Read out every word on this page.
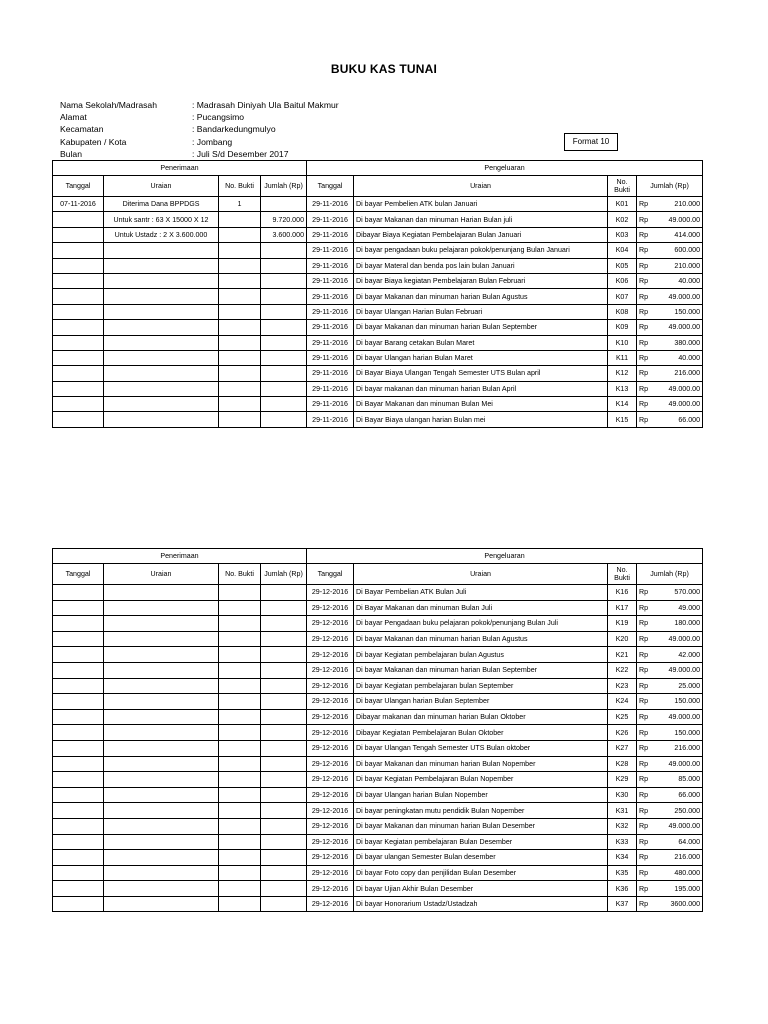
BUKU KAS TUNAI
Nama Sekolah/Madrasah	: Madrasah Diniyah Ula Baitul Makmur
Alamat	: Pucangsimo
Kecamatan	: Bandarkedungmulyo
Kabupaten / Kota	: Jombang
Bulan	: Juli S/d Desember 2017
Format 10
Penerimaan				Pengeluaran			
Tanggal	Uraian	No. Bukti	Jumlah (Rp)	Tanggal	Uraian	No. Bukti	Jumlah (Rp)
07-11-2016	Diterima Dana BPPDGS	1		29-11-2016	Di bayar Pembelien ATK bulan Januari	K01	Rp 210.000

	Untuk santr : 63 X 15000 X 12		9.720.000	29-11-2016	Di bayar Makanan dan minuman Harian Bulan juli	K02	Rp 49.000.00

	Untuk Ustadz : 2 X 3.600.000		3.600.000	29-11-2016	Dibayar Biaya Kegiatan Pembelajaran Bulan Januari	K03	Rp 414.000

				29-11-2016	Di bayar pengadaan buku pelajaran pokok/penunjang Bulan Januari	K04	Rp 600.000

				29-11-2016	Di bayar Materal dan benda pos lain bulan Januari	K05	Rp 210.000

				29-11-2016	Di bayar Biaya kegiatan Pembelajaran Bulan Februari	K06	Rp 40.000

				29-11-2016	Di bayar Makanan dan minuman harian Bulan Agustus	K07	Rp 49.000.00

				29-11-2016	Di bayar Ulangan Harian Bulan Februari	K08	Rp 150.000

				29-11-2016	Di bayar Makanan dan minuman harian Bulan September	K09	Rp 49.000.00

				29-11-2016	Di bayar Barang cetakan Bulan Maret	K10	Rp 380.000

				29-11-2016	Di bayar Ulangan harian Bulan Maret	K11	Rp 40.000

				29-11-2016	Di Bayar Biaya Ulangan Tengah Semester UTS Bulan april	K12	Rp 216.000

				29-11-2016	Di bayar makanan dan minuman harian Bulan April	K13	Rp 49.000.00

				29-11-2016	Di Bayar Makanan dan minuman Bulan Mei	K14	Rp 49.000.00

				29-11-2016	Di Bayar Biaya ulangan harian Bulan mei	K15	Rp 66.000
Penerimaan				Pengeluaran			
Tanggal	Uraian	No. Bukti	Jumlah (Rp)	Tanggal	Uraian	No. Bukti	Jumlah (Rp)
				29-12-2016	Di Bayar Pembelian ATK Bulan Juli	K16	Rp 570.000

				29-12-2016	Di Bayar Makanan dan minuman Bulan Juli	K17	Rp 49.000

				29-12-2016	Di bayar Pengadaan buku pelajaran pokok/penunjang Bulan Juli	K19	Rp 180.000

				29-12-2016	Di bayar Makanan dan minuman harian Bulan Agustus	K20	Rp 49.000.00

				29-12-2016	Di bayar Kegiatan pembelajaran bulan Agustus	K21	Rp 42.000

				29-12-2016	Di bayar Makanan dan minuman harian Bulan September	K22	Rp 49.000.00

				29-12-2016	Di bayar Kegiatan pembelajaran bulan September	K23	Rp 25.000

				29-12-2016	Di bayar Ulangan harian Bulan September	K24	Rp 150.000

				29-12-2016	Dibayar makanan dan minuman harian Bulan Oktober	K25	Rp 49.000.00

				29-12-2016	Dibayar Kegiatan Pembelajaran Bulan Oktober	K26	Rp 150.000

				29-12-2016	Di bayar Ulangan Tengah Semester UTS Bulan oktober	K27	Rp 216.000

				29-12-2016	Di bayar Makanan dan minuman harian Bulan Nopember	K28	Rp 49.000.00

				29-12-2016	Di bayar Kegiatan Pembelajaran Bulan Nopember	K29	Rp 85.000

				29-12-2016	Di bayar Ulangan harian Bulan Nopember	K30	Rp 66.000

				29-12-2016	Di bayar peningkatan mutu pendidik Bulan Nopember	K31	Rp 250.000

				29-12-2016	Di bayar Makanan dan minuman harian Bulan Desember	K32	Rp 49.000.00

				29-12-2016	Di bayar Kegiatan pembelajaran Bulan Desember	K33	Rp 64.000

				29-12-2016	Di bayar ulangan Semester Bulan desember	K34	Rp 216.000

				29-12-2016	Di bayar Foto copy dan penjilidan Bulan Desember	K35	Rp 480.000

				29-12-2016	Di bayar Ujian Akhir Bulan Desember	K36	Rp 195.000

				29-12-2016	Di bayar Honorarium Ustadz/Ustadzah	K37	Rp 3600.000
